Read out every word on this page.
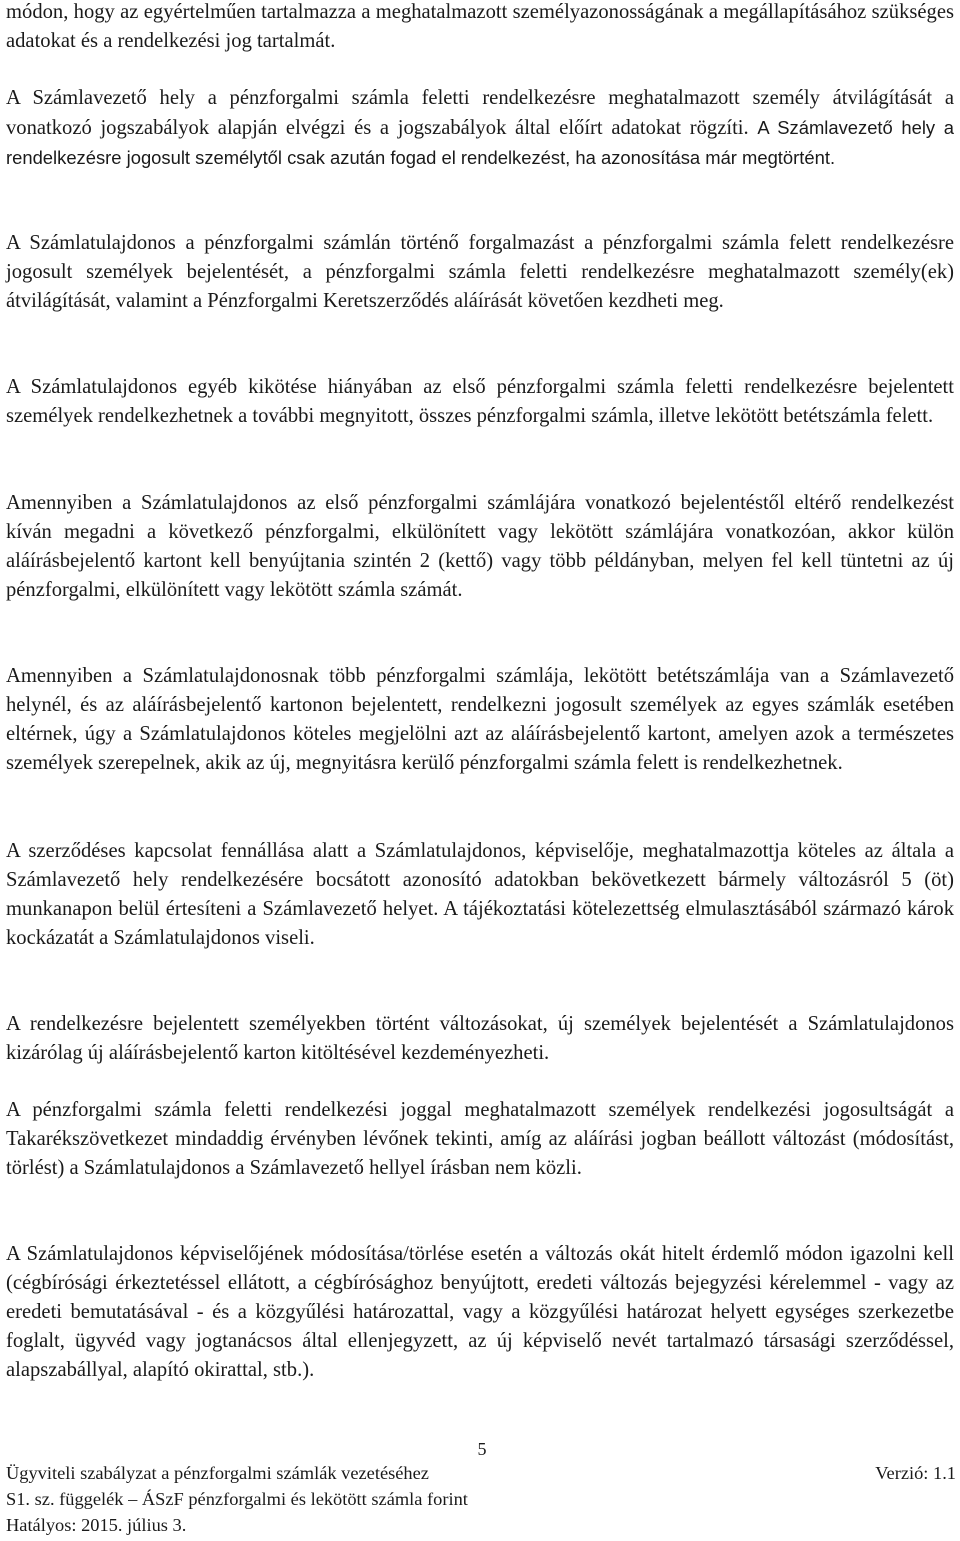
módon, hogy az egyértelműen tartalmazza a meghatalmazott személyazonosságának a megállapításához szükséges adatokat és a rendelkezési jog tartalmát.

A Számlavezető hely a pénzforgalmi számla feletti rendelkezésre meghatalmazott személy átvilágítását a vonatkozó jogszabályok alapján elvégzi és a jogszabályok által előírt adatokat rögzíti. A Számlavezető hely a rendelkezésre jogosult személytől csak azután fogad el rendelkezést, ha azonosítása már megtörtént.

A Számlatulajdonos a pénzforgalmi számlán történő forgalmazást a pénzforgalmi számla felett rendelkezésre jogosult személyek bejelentését, a pénzforgalmi számla feletti rendelkezésre meghatalmazott személy(ek) átvilágítását, valamint a Pénzforgalmi Keretszerződés aláírását követően kezdheti meg.

A Számlatulajdonos egyéb kikötése hiányában az első pénzforgalmi számla feletti rendelkezésre bejelentett személyek rendelkezhetnek a további megnyitott, összes pénzforgalmi számla, illetve lekötött betétszámla felett.

Amennyiben a Számlatulajdonos az első pénzforgalmi számlájára vonatkozó bejelentéstől eltérő rendelkezést kíván megadni a következő pénzforgalmi, elkülönített vagy lekötött számlájára vonatkozóan, akkor külön aláírásbejelentő kartont kell benyújtania szintén 2 (kettő) vagy több példányban, melyen fel kell tüntetni az új pénzforgalmi, elkülönített vagy lekötött számla számát.

Amennyiben a Számlatulajdonosnak több pénzforgalmi számlája, lekötött betétszámlája van a Számlavezető helynél, és az aláírásbejelentő kartonon bejelentett, rendelkezni jogosult személyek az egyes számlák esetében eltérnek, úgy a Számlatulajdonos köteles megjelölni azt az aláírásbejelentő kartont, amelyen azok a természetes személyek szerepelnek, akik az új, megnyitásra kerülő pénzforgalmi számla felett is rendelkezhetnek.

A szerződéses kapcsolat fennállása alatt a Számlatulajdonos, képviselője, meghatalmazottja köteles az általa a Számlavezető hely rendelkezésére bocsátott azonosító adatokban bekövetkezett bármely változásról 5 (öt) munkanapon belül értesíteni a Számlavezető helyet. A tájékoztatási kötelezettség elmulasztásából származó károk kockázatát a Számlatulajdonos viseli.

A rendelkezésre bejelentett személyekben történt változásokat, új személyek bejelentését a Számlatulajdonos kizárólag új aláírásbejelentő karton kitöltésével kezdeményezheti.

A pénzforgalmi számla feletti rendelkezési joggal meghatalmazott személyek rendelkezési jogosultságát a Takarékszövetkezet mindaddig érvényben lévőnek tekinti, amíg az aláírási jogban beállott változást (módosítást, törlést) a Számlatulajdonos a Számlavezető hellyel írásban nem közli.

A Számlatulajdonos képviselőjének módosítása/törlése esetén a változás okát hitelt érdemlő módon igazolni kell (cégbírósági érkeztetéssel ellátott, a cégbírósághoz benyújtott, eredeti változás bejegyzési kérelemmel - vagy az eredeti bemutatásával - és a közgyűlési határozattal, vagy a közgyűlési határozat helyett egységes szerkezetbe foglalt, ügyvéd vagy jogtanácsos által ellenjegyzett, az új képviselő nevét tartalmazó társasági szerződéssel, alapszabállyal, alapító okirattal, stb.).

5

Ügyviteli szabályzat a pénzforgalmi számlák vezetéséhez	Verzió: 1.1
S1. sz. függelék – ÁSzF pénzforgalmi és lekötött számla forint
Hatályos: 2015. július 3.
